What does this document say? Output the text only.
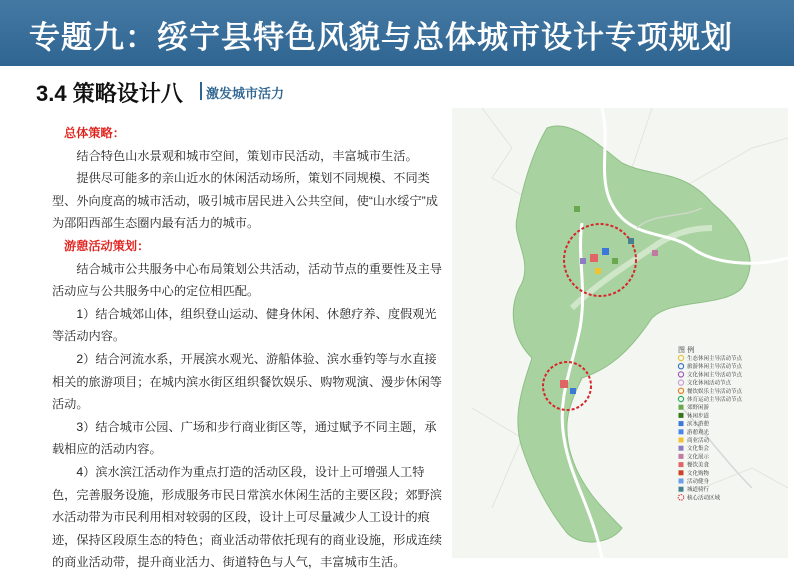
专题九：绥宁县特色风貌与总体城市设计专项规划
3.4 策略设计八 激发城市活力

总体策略：

结合特色山水景观和城市空间，策划市民活动，丰富城市生活。

提供尽可能多的亲山近水的休闲活动场所，策划不同规模、不同类型、外向度高的城市活动，吸引城市居民进入公共空间，使“山水绥宁”成为邵阳西部生态圈内最有活力的城市。

游憩活动策划：

结合城市公共服务中心布局策划公共活动，活动节点的重要性及主导活动应与公共服务中心的定位相匹配。

1）结合城郊山体，组织登山运动、健身休闲、休憩疗养、度假观光等活动内容。

2）结合河流水系，开展滨水观光、游船体验、滨水垂钓等与水直接相关的旅游项目；在城内滨水街区组织餐饮娱乐、购物观演、漫步休闲等活动。

3）结合城市公园、广场和步行商业街区等，通过赋予不同主题，承载相应的活动内容。

4）滨水滨江活动作为重点打造的活动区段，设计上可增强人工特色，完善服务设施，形成服务市民日常滨水休闲生活的主要区段；郊野滨水活动带为市民利用相对较弱的区段，设计上可尽量减少人工设计的痕迹，保持区段原生态的特色；商业活动带依托现有的商业设施，形成连续的商业活动带，提升商业活力、街道特色与人气，丰富城市生活。

图 例
生态休闲主导活动节点
旅游休闲主导活动节点
文化休闲主导活动节点
文化休闲活动节点
餐饮娱乐主导活动节点
体育运动主导活动节点
郊野闲游
休闲步道
滨水游憩
游憩观光
商业活动
文化集会
文化展示
餐饮美食
文化购物
活动健身
城道骑行
核心活动区域
